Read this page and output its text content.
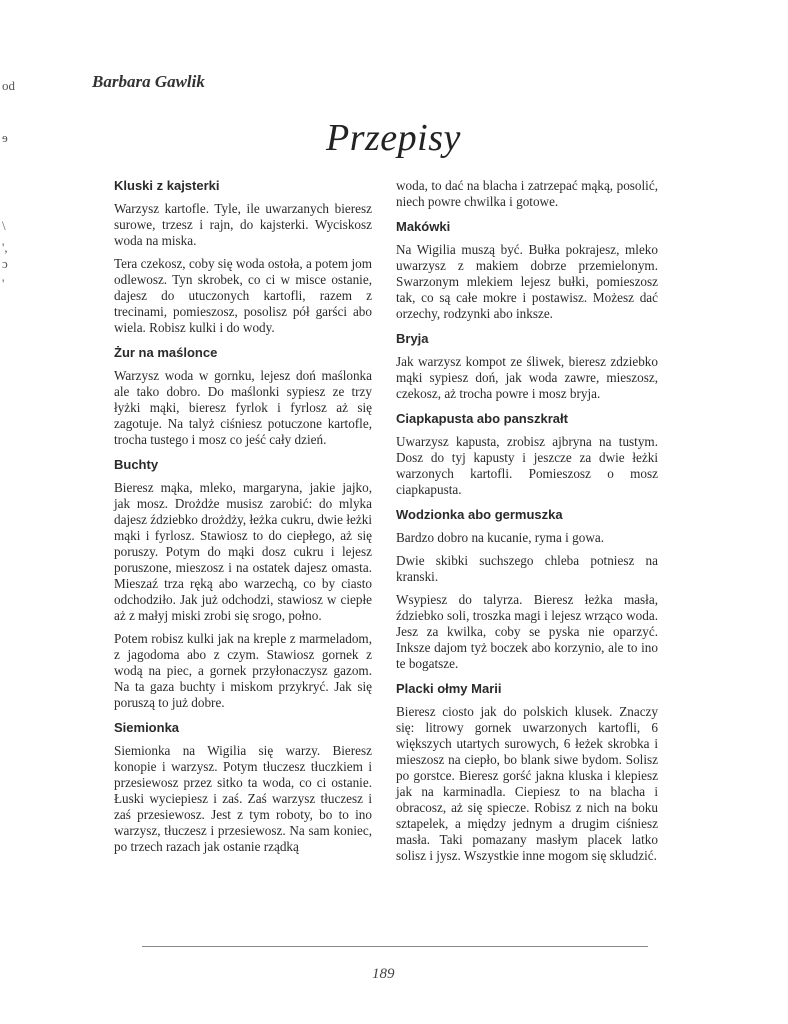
od
ɘ
\
',
ɔ
'
Barbara Gawlik
Przepisy
Kluski z kajsterki

Warzysz kartofle. Tyle, ile uwarzanych bieresz surowe, trzesz i rajn, do kajsterki. Wyciskosz woda na miska.

Tera czekosz, coby się woda ostoła, a potem jom odlewosz. Tyn skrobek, co ci w misce ostanie, dajesz do utuczonych kartofli, razem z trecinami, pomieszosz, posolisz pół garści abo wiela. Robisz kulki i do wody.

Żur na maślonce

Warzysz woda w gornku, lejesz doń maślonka ale tako dobro. Do maślonki sypiesz ze trzy łyżki mąki, bieresz fyrlok i fyrlosz aż się zagotuje. Na talyż ciśniesz potuczone kartofle, trocha tustego i mosz co jeść cały dzień.

Buchty

Bieresz mąka, mleko, margaryna, jakie jajko, jak mosz. Drożdże musisz zarobić: do mlyka dajesz ździebko drożdży, łeżka cukru, dwie łeżki mąki i fyrlosz. Stawiosz to do ciepłego, aż się poruszy. Potym do mąki dosz cukru i lejesz poruszone, mieszosz i na ostatek dajesz omasta. Mieszaź trza ręką abo warzechą, co by ciasto odchodziło. Jak już odchodzi, stawiosz w ciepłe aż z małyj miski zrobi się srogo, połno.

Potem robisz kulki jak na kreple z marmeladom, z jagodoma abo z czym. Stawiosz gornek z wodą na piec, a gornek przyłonaczysz gazom. Na ta gaza buchty i miskom przykryć. Jak się poruszą to już dobre.

Siemionka

Siemionka na Wigilia się warzy. Bieresz konopie i warzysz. Potym tłuczesz tłuczkiem i przesiewosz przez sitko ta woda, co ci ostanie. Łuski wyciepiesz i zaś. Zaś warzysz tłuczesz i zaś przesiewosz. Jest z tym roboty, bo to ino warzysz, tłuczesz i przesiewosz. Na sam koniec, po trzech razach jak ostanie rządką

woda, to dać na blacha i zatrzepać mąką, posolić, niech powre chwilka i gotowe.

Makówki

Na Wigilia muszą być. Bułka pokrajesz, mleko uwarzysz z makiem dobrze przemielonym. Swarzonym mlekiem lejesz bułki, pomieszosz tak, co są całe mokre i postawisz. Możesz dać orzechy, rodzynki abo inksze.

Bryja

Jak warzysz kompot ze śliwek, bieresz zdziebko mąki sypiesz doń, jak woda zawre, mieszosz, czekosz, aż trocha powre i mosz bryja.

Ciapkapusta abo panszkrałt

Uwarzysz kapusta, zrobisz ajbryna na tustym. Dosz do tyj kapusty i jeszcze za dwie łeżki warzonych kartofli. Pomieszosz o mosz ciapkapusta.

Wodzionka abo germuszka

Bardzo dobro na kucanie, ryma i gowa.

Dwie skibki suchszego chleba potniesz na kranski.

Wsypiesz do talyrza. Bieresz łeżka masła, ździebko soli, troszka magi i lejesz wrząco woda. Jesz za kwilka, coby se pyska nie oparzyć. Inksze dajom tyż boczek abo korzynio, ale to ino te bogatsze.

Placki ołmy Marii

Bieresz ciosto jak do polskich klusek. Znaczy się: litrowy gornek uwarzonych kartofli, 6 większych utartych surowych, 6 łeżek skrobka i mieszosz na ciepło, bo blank siwe bydom. Solisz po gorstce. Bieresz gorść jakna kluska i klepiesz jak na karminadla. Ciepiesz to na blacha i obracosz, aż się spiecze. Robisz z nich na boku sztapelek, a między jednym a drugim ciśniesz masła. Taki pomazany masłym placek latko solisz i jysz. Wszystkie inne mogom się skludzić.

189
